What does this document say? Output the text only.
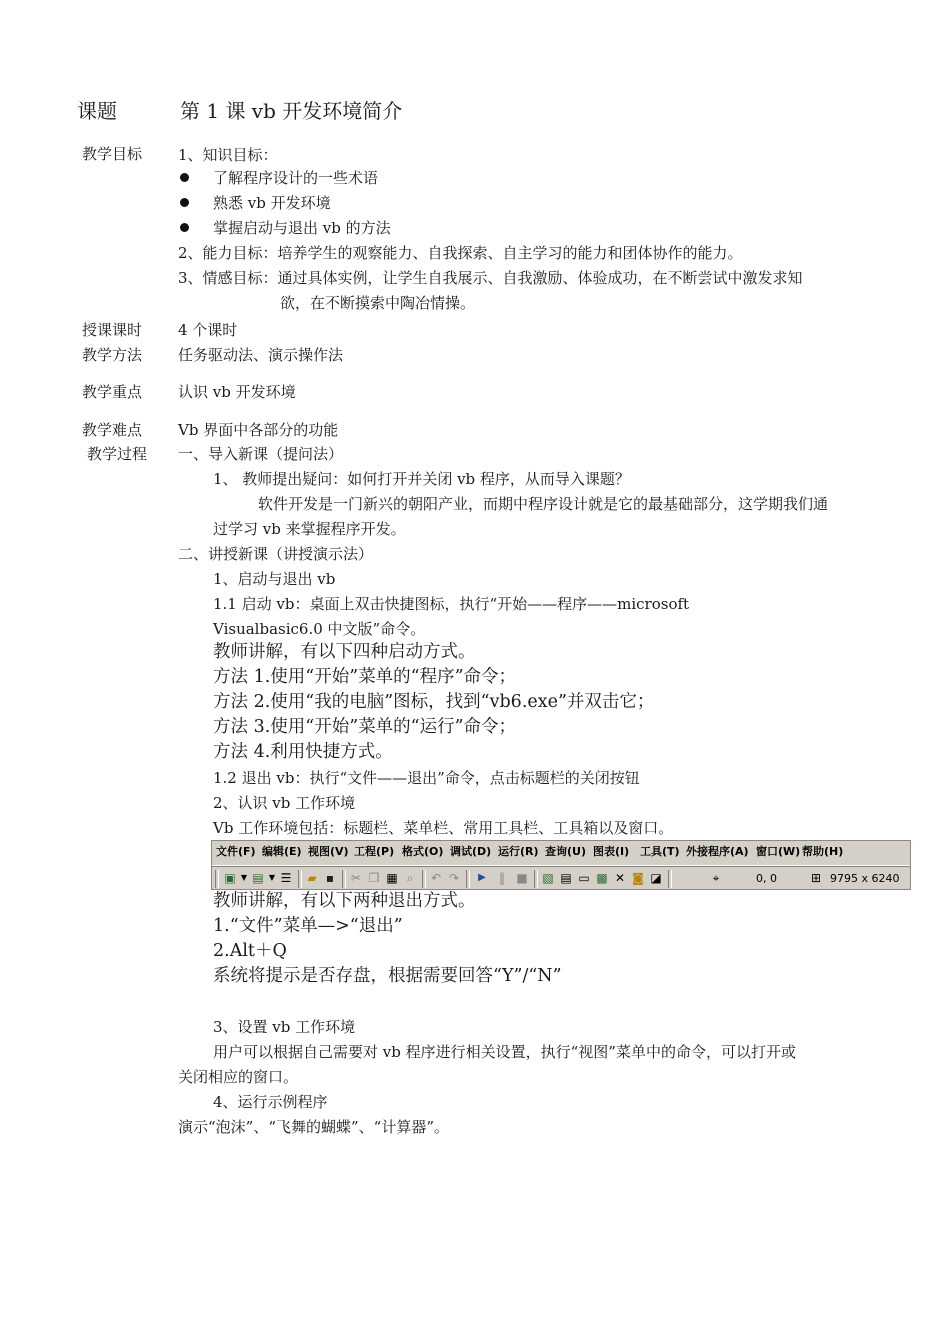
课题	第 1 课 vb 开发环境简介
教学目标 1、知识目标：
了解程序设计的一些术语
熟悉 vb 开发环境
掌握启动与退出 vb 的方法
2、能力目标：培养学生的观察能力、自我探索、自主学习的能力和团体协作的能力。
3、情感目标：通过具体实例，让学生自我展示、自我激励、体验成功，在不断尝试中激发求知
欲，在不断摸索中陶冶情操。
授课课时 4 个课时
教学方法 任务驱动法、演示操作法
教学重点 认识 vb 开发环境
教学难点 Vb 界面中各部分的功能
教学过程 一、导入新课（提问法）
1、 教师提出疑问：如何打开并关闭 vb 程序，从而导入课题？
软件开发是一门新兴的朝阳产业，而期中程序设计就是它的最基础部分，这学期我们通
过学习 vb 来掌握程序开发。
二、讲授新课（讲授演示法）
1、启动与退出 vb
1.1 启动 vb：桌面上双击快捷图标，执行“开始——程序——microsoft
Visualbasic6.0 中文版”命令。
教师讲解，有以下四种启动方式。
方法 1.使用“开始”菜单的“程序”命令；
方法 2.使用“我的电脑”图标，找到“vb6.exe”并双击它；
方法 3.使用“开始”菜单的“运行”命令；
方法 4.利用快捷方式。
1.2 退出 vb：执行“文件——退出”命令，点击标题栏的关闭按钮
2、认识 vb 工作环境
Vb 工作环境包括：标题栏、菜单栏、常用工具栏、工具箱以及窗口。
文件(F) 编辑(E) 视图(V) 工程(P) 格式(O) 调试(D) 运行(R) 查询(U) 图表(I) 工具(T) 外接程序(A) 窗口(W) 帮助(H)
▣ ▼ ▤ ▼ ☰ ▰ ▪	✂ ❐ ▦ ⌕	↶ ↷	▶	‖ ■ ▧ ▤ ▭ ▩ ✕ ◙ ◪	⌖	0, 0	⊞ 9795 x 6240
教师讲解，有以下两种退出方式。
1.“文件”菜单—>“退出”
2.Alt＋Q
系统将提示是否存盘，根据需要回答“Y”/“N”
3、设置 vb 工作环境
用户可以根据自己需要对 vb 程序进行相关设置，执行“视图”菜单中的命令，可以打开或
关闭相应的窗口。
4、运行示例程序
演示“泡沫”、“飞舞的蝴蝶”、“计算器”。
